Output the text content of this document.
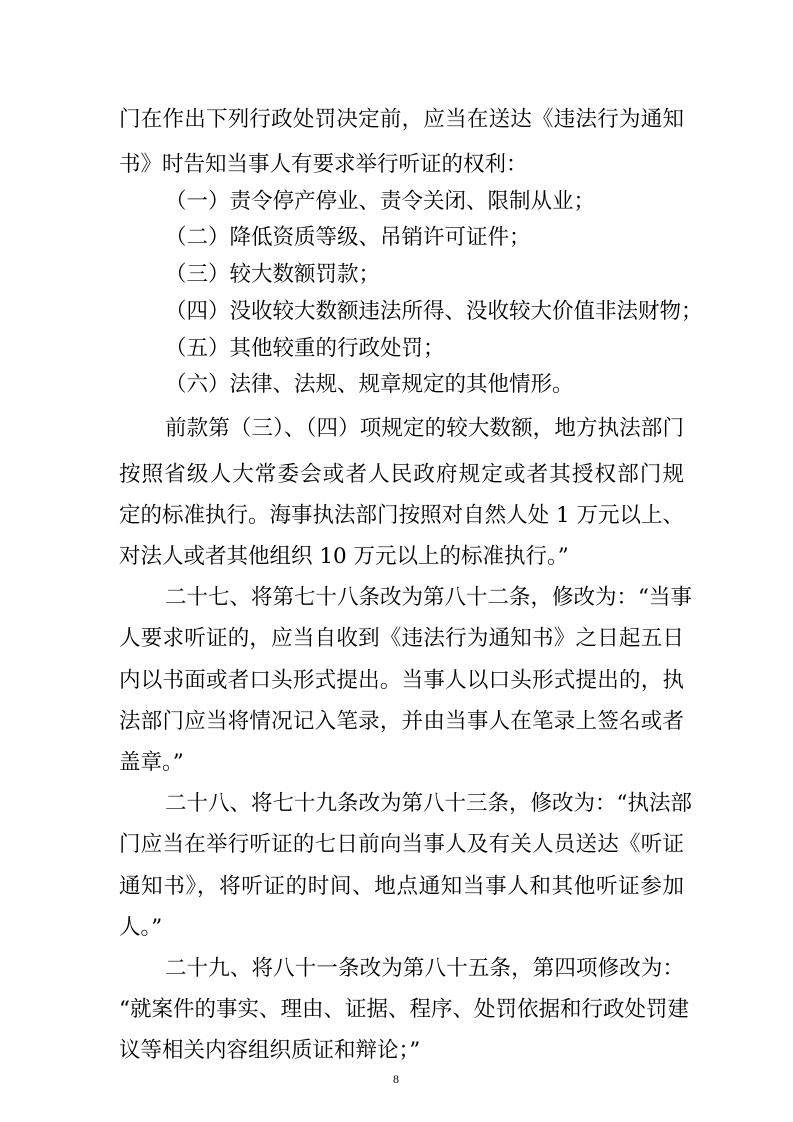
门在作出下列行政处罚决定前，应当在送达《违法行为通知
书》时告知当事人有要求举行听证的权利：
（一）责令停产停业、责令关闭、限制从业；
（二）降低资质等级、吊销许可证件；
（三）较大数额罚款；
（四）没收较大数额违法所得、没收较大价值非法财物；
（五）其他较重的行政处罚；
（六）法律、法规、规章规定的其他情形。
前款第（三）、（四）项规定的较大数额，地方执法部门
按照省级人大常委会或者人民政府规定或者其授权部门规
定的标准执行。海事执法部门按照对自然人处 1 万元以上、
对法人或者其他组织 10 万元以上的标准执行。”
二十七、将第七十八条改为第八十二条，修改为：“当事
人要求听证的，应当自收到《违法行为通知书》之日起五日
内以书面或者口头形式提出。当事人以口头形式提出的，执
法部门应当将情况记入笔录，并由当事人在笔录上签名或者
盖章。”
二十八、将七十九条改为第八十三条，修改为：“执法部
门应当在举行听证的七日前向当事人及有关人员送达《听证
通知书》，将听证的时间、地点通知当事人和其他听证参加
人。”
二十九、将八十一条改为第八十五条，第四项修改为：
“就案件的事实、理由、证据、程序、处罚依据和行政处罚建
议等相关内容组织质证和辩论；”
8
